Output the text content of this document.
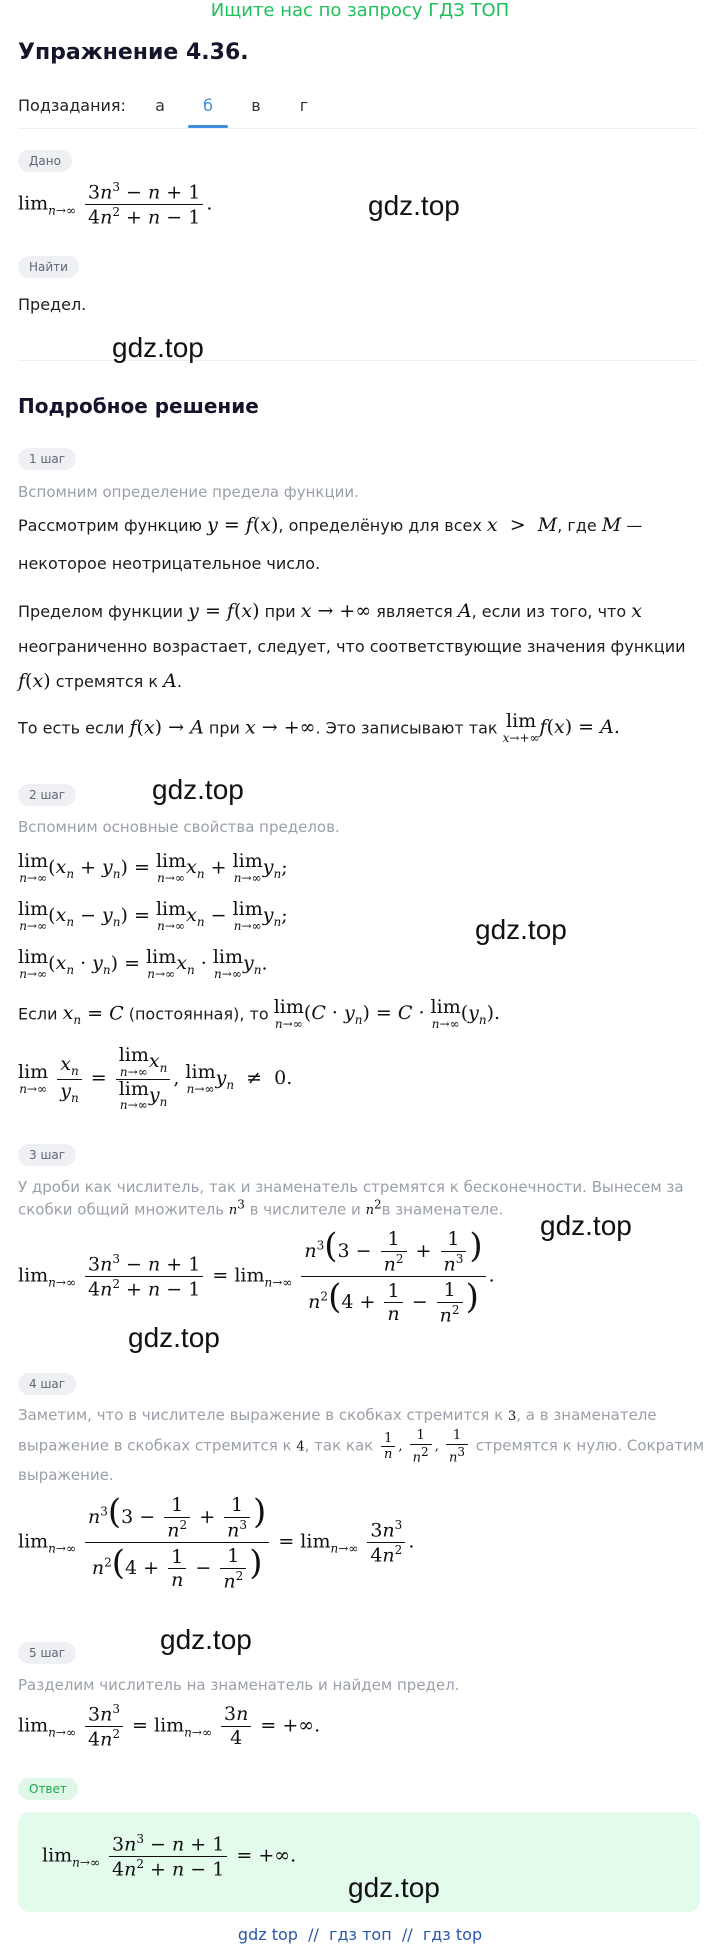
Ищите нас по запросу ГДЗ ТОП
Упражнение 4.36.
Подзадания:	а	б	в	г
Дано
$\lim_{n\to\infty} \frac{3n^3 - n + 1}{4n^2 + n - 1}$ .
Найти
Предел.
Подробное решение
1 шаг
Вспомним определение предела функции.
Рассмотрим функцию y = f(x), определёную для всех x  >  M, где M —
некоторое неотрицательное число.
Пределом функции y = f(x) при x → +∞ является A, если из того, что x
неограниченно возрастает, следует, что соответствующие значения функции
f(x) стремятся к A.
То есть если f(x) → A при x → +∞. Это записывают так lim
x→+∞ f(x) = A.
2 шаг
Вспомним основные свойства пределов.
lim
n→∞ $(x_n + y_n) = \lim$
n→∞ $x_n + \lim$
n→∞ $y_n$;
lim
n→∞ $(x_n - y_n) = \lim$
n→∞ $x_n - \lim$
n→∞ $y_n$;
lim
n→∞ $(x_n \cdot y_n) = \lim$
n→∞ $x_n \cdot \lim$
n→∞ $y_n$.
Если $x_n = C$ (постоянная), то lim
n→∞ $(C \cdot y_n) = C \cdot \lim$
n→∞ $(y_n)$.
lim
n→∞
$\frac{x_n}{y_n} = \lim$
n→∞ $x_n$
lim
n→∞ $y_n$ , lim
n→∞ $y_n \ne 0$.
3 шаг
У дроби как числитель, так и знаменатель стремятся к бесконечности. Вынесем за
скобки общий множитель $n^3$ в числителе и $n^2в$ знаменателе.
$\lim_{n\to\infty} \frac{3n^3 - n + 1}{4n^2 + n - 1} = \lim_{n\to\infty} \frac{n^3(3 - \frac{1}{n^2} + \frac{1}{n^3} )}{n^2(4 + \frac{1}{n} - \frac{1}{n^2} )}$ .
4 шаг
Заметим, что в числителе выражение в скобках стремится к 3, а в знаменателе
выражение в скобках стремится к 4, так как $\frac{1}{n}$ , $\frac{1}{n^2}$ , $\frac{1}{n^3}$ стремятся к нулю. Сократим
выражение.
$\lim_{n\to\infty} \frac{n^3(3 - \frac{1}{n^2} + \frac{1}{n^3} )}{n^2(4 + \frac{1}{n} - \frac{1}{n^2} )} = \lim_{n\to\infty} \frac{3n^3}{4n^2}$ .
5 шаг
Разделим числитель на знаменатель и найдем предел.
$\lim_{n\to\infty} \frac{3n^3}{4n^2} = \lim_{n\to\infty} \frac{3n}{4}$ = +∞.
Ответ
$\lim_{n\to\infty} \frac{3n^3 - n + 1}{4n^2 + n - 1}$ = +∞.
gdz.top
gdz.top
gdz.top
gdz.top
gdz.top
gdz.top
gdz.top
gdz.top
gdz top // гдз топ // гдз top
